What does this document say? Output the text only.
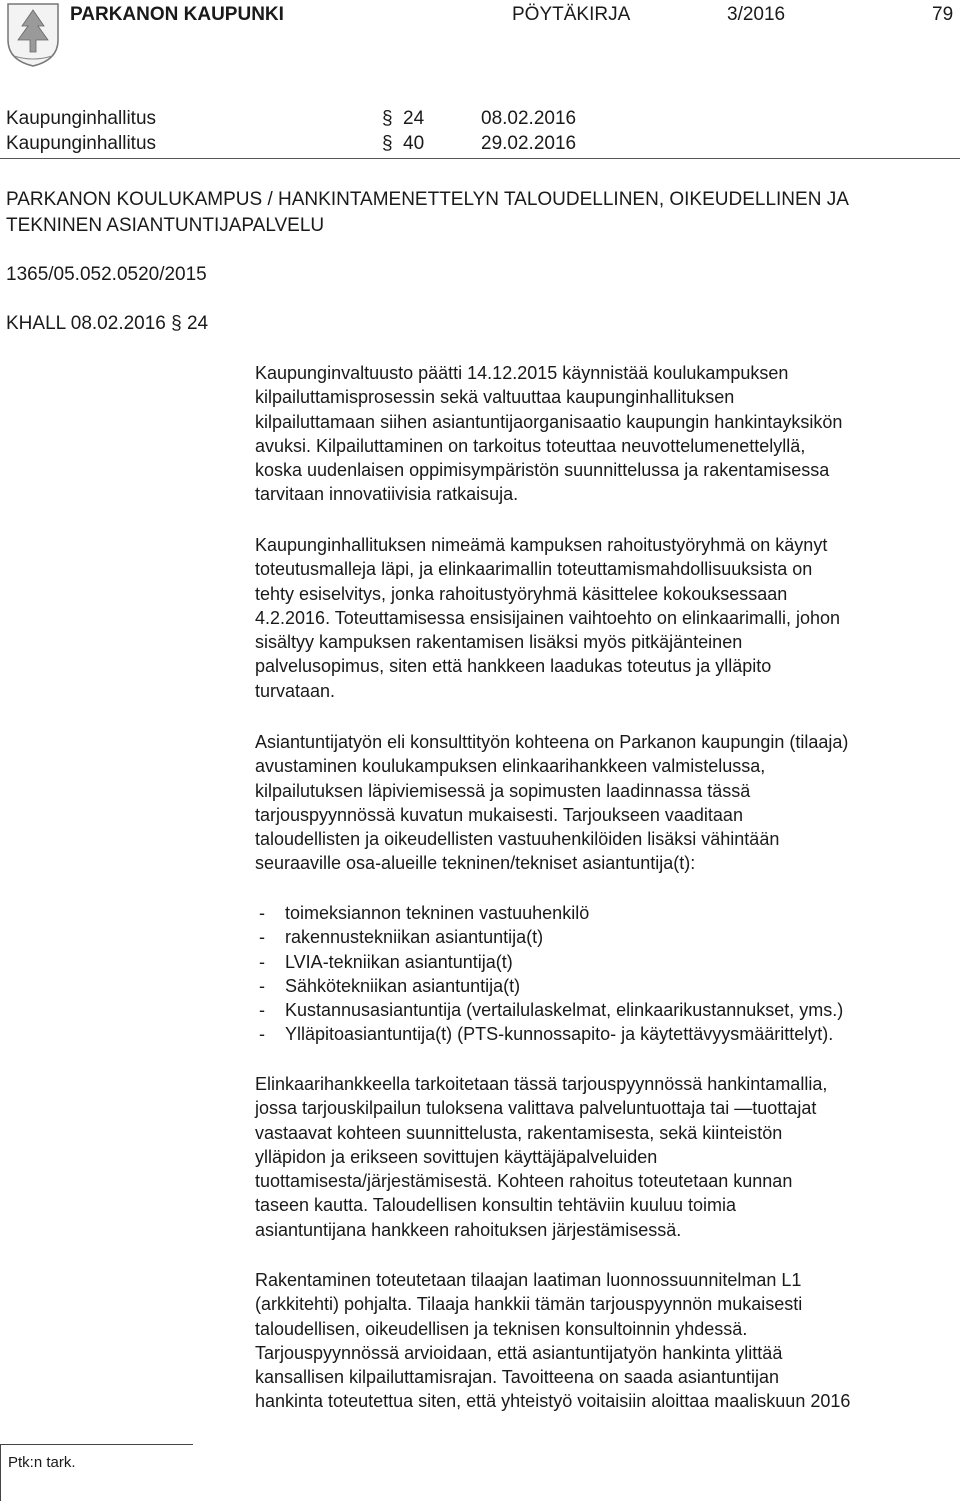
PARKANON KAUPUNKI	PÖYTÄKIRJA	3/2016	79
Kaupunginhallitus	§ 24	08.02.2016
Kaupunginhallitus	§ 40	29.02.2016
PARKANON KOULUKAMPUS / HANKINTAMENETTELYN TALOUDELLINEN, OIKEUDELLINEN JA
TEKNINEN ASIANTUNTIJAPALVELU
1365/05.052.0520/2015
KHALL 08.02.2016 § 24
Kaupunginvaltuusto päätti 14.12.2015 käynnistää koulukampuksen
kilpailuttamisprosessin sekä valtuuttaa kaupunginhallituksen
kilpailuttamaan siihen asiantuntijaorganisaatio kaupungin hankintayksikön
avuksi. Kilpailuttaminen on tarkoitus toteuttaa neuvottelumenettelyllä,
koska uudenlaisen oppimisympäristön suunnittelussa ja rakentamisessa
tarvitaan innovatiivisia ratkaisuja.
Kaupunginhallituksen nimeämä kampuksen rahoitustyöryhmä on käynyt
toteutusmalleja läpi, ja elinkaarimallin toteuttamismahdollisuuksista on
tehty esiselvitys, jonka rahoitustyöryhmä käsittelee kokouksessaan
4.2.2016. Toteuttamisessa ensisijainen vaihtoehto on elinkaarimalli, johon
sisältyy kampuksen rakentamisen lisäksi myös pitkäjänteinen
palvelusopimus, siten että hankkeen laadukas toteutus ja ylläpito
turvataan.
Asiantuntijatyön eli konsulttityön kohteena on Parkanon kaupungin (tilaaja)
avustaminen koulukampuksen elinkaarihankkeen valmistelussa,
kilpailutuksen läpiviemisessä ja sopimusten laadinnassa tässä
tarjouspyynnössä kuvatun mukaisesti. Tarjoukseen vaaditaan
taloudellisten ja oikeudellisten vastuuhenkilöiden lisäksi vähintään
seuraaville osa-alueille tekninen/tekniset asiantuntija(t):
- toimeksiannon tekninen vastuuhenkilö
- rakennustekniikan asiantuntija(t)
- LVIA-tekniikan asiantuntija(t)
- Sähkötekniikan asiantuntija(t)
- Kustannusasiantuntija (vertailulaskelmat, elinkaarikustannukset, yms.)
- Ylläpitoasiantuntija(t) (PTS-kunnossapito- ja käytettävyysmäärittelyt).
Elinkaarihankkeella tarkoitetaan tässä tarjouspyynnössä hankintamallia,
jossa tarjouskilpailun tuloksena valittava palveluntuottaja tai —tuottajat
vastaavat kohteen suunnittelusta, rakentamisesta, sekä kiinteistön
ylläpidon ja erikseen sovittujen käyttäjäpalveluiden
tuottamisesta/järjestämisestä. Kohteen rahoitus toteutetaan kunnan
taseen kautta. Taloudellisen konsultin tehtäviin kuuluu toimia
asiantuntijana hankkeen rahoituksen järjestämisessä.
Rakentaminen toteutetaan tilaajan laatiman luonnossuunnitelman L1
(arkkitehti) pohjalta. Tilaaja hankkii tämän tarjouspyynnön mukaisesti
taloudellisen, oikeudellisen ja teknisen konsultoinnin yhdessä.
Tarjouspyynnössä arvioidaan, että asiantuntijatyön hankinta ylittää
kansallisen kilpailuttamisrajan. Tavoitteena on saada asiantuntijan
hankinta toteutettua siten, että yhteistyö voitaisiin aloittaa maaliskuun 2016
Ptk:n tark.
